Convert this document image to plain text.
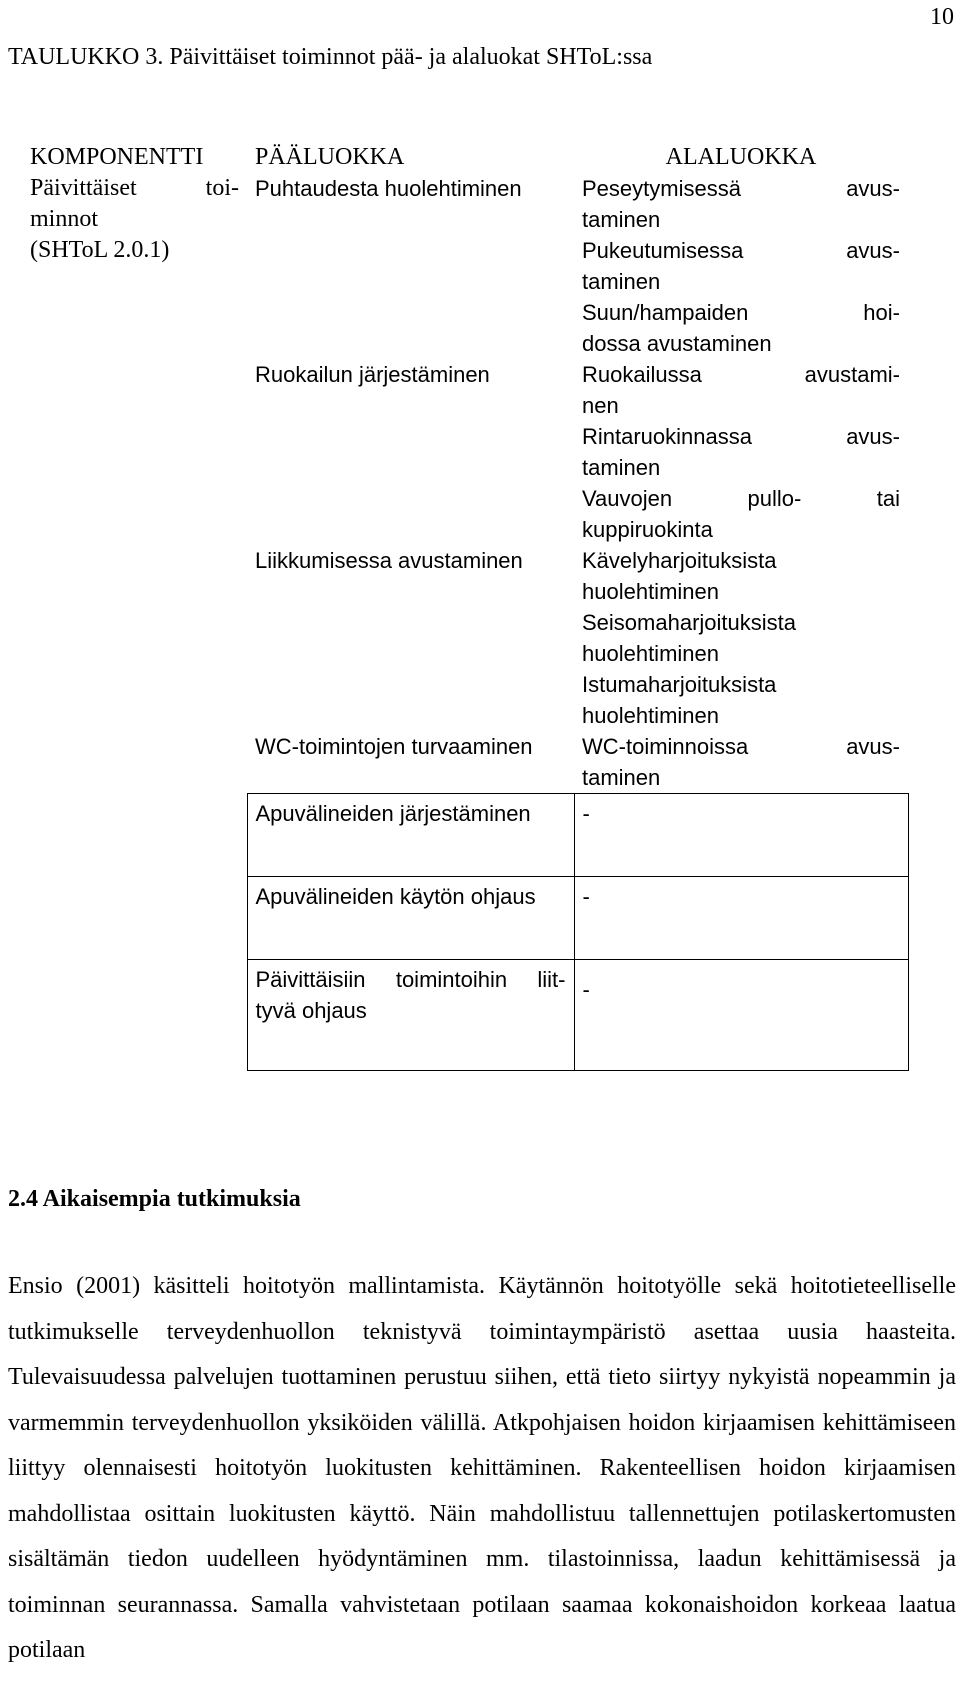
10
TAULUKKO 3. Päivittäiset toiminnot pää- ja alaluokat SHToL:ssa
KOMPONENTTI	PÄÄLUOKKA	ALALUOKKA

Päivittäiset toi-
minnot
(SHToL 2.0.1)	Puhtaudesta huolehtiminen	Peseytymisessä avus-
taminen

		Pukeutumisessa avus-
taminen

		Suun/hampaiden hoi-
dossa avustaminen

	Ruokailun järjestäminen	Ruokailussa avustami-
nen

		Rintaruokinnassa avus-
taminen

		Vauvojen pullo- tai
kuppiruokinta

	Liikkumisessa avustaminen	Kävelyharjoituksista
huolehtiminen

		Seisomaharjoituksista
huolehtiminen

		Istumaharjoituksista
huolehtiminen

	WC-toimintojen turvaaminen	WC-toiminnoissa avus-
taminen

	Apuvälineiden järjestäminen	-

	Apuvälineiden käytön ohjaus	-

	Päivittäisiin toimintoihin liit-
tyvä ohjaus	-
2.4 Aikaisempia tutkimuksia
Ensio (2001) käsitteli hoitotyön mallintamista. Käytännön hoitotyölle sekä hoitotieteelliselle tutkimukselle terveydenhuollon teknistyvä toimintaympäristö asettaa uusia haasteita. Tulevaisuudessa palvelujen tuottaminen perustuu siihen, että tieto siirtyy nykyistä nopeammin ja varmemmin terveydenhuollon yksiköiden välillä. Atkpohjaisen hoidon kirjaamisen kehittämiseen liittyy olennaisesti hoitotyön luokitusten kehittäminen. Rakenteellisen hoidon kirjaamisen mahdollistaa osittain luokitusten käyttö. Näin mahdollistuu tallennettujen potilaskertomusten sisältämän tiedon uudelleen hyödyntäminen mm. tilastoinnissa, laadun kehittämisessä ja toiminnan seurannassa. Samalla vahvistetaan potilaan saamaa kokonaishoidon korkeaa laatua potilaan
